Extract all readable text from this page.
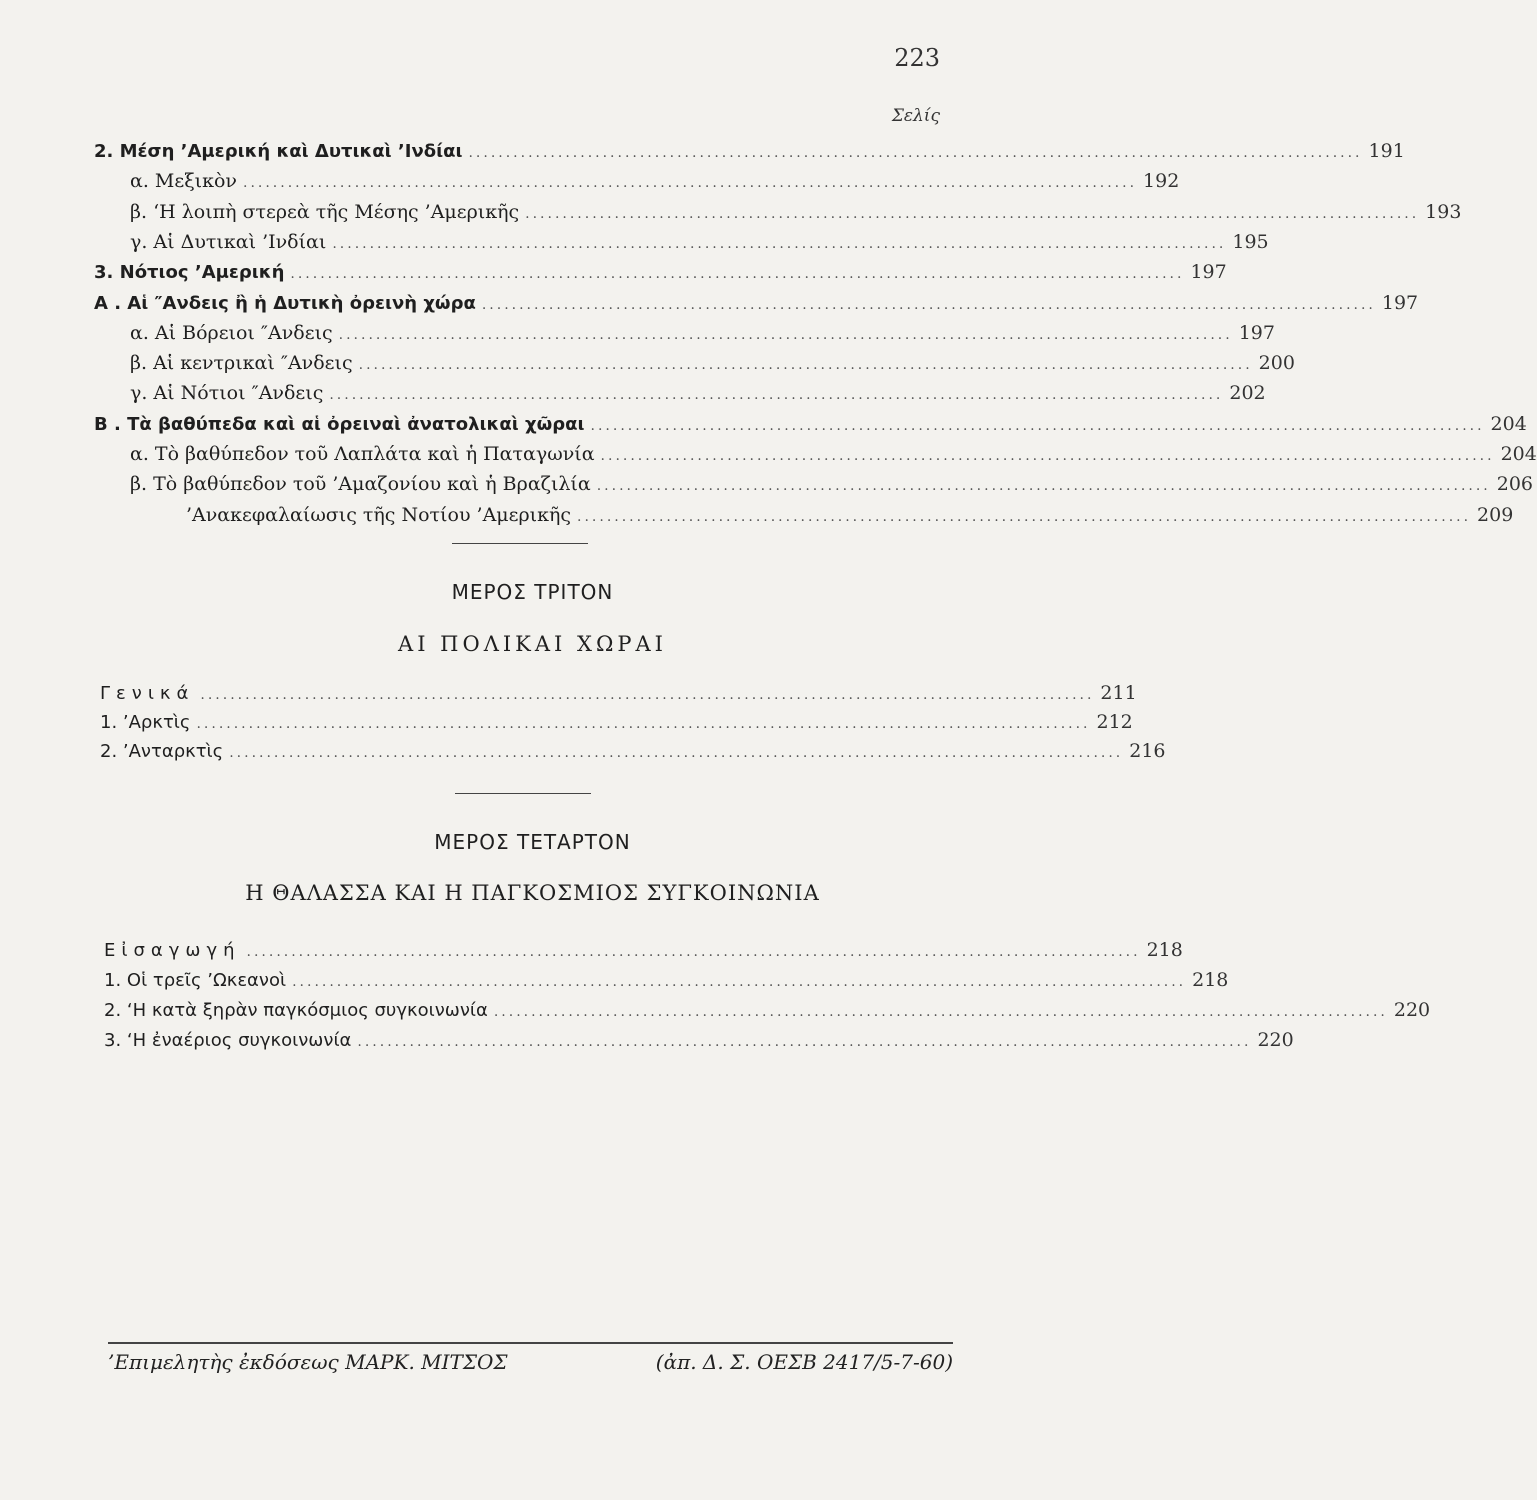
223
Σελίς
2. Μέση ’Αμερική καὶ Δυτικαὶ ’Ινδίαι ........................................................................................................................ 191
α. Μεξικὸν ........................................................................................................................ 192
β. ‘Η λοιπὴ στερεὰ τῆς Μέσης ’Αμερικῆς ........................................................................................................................ 193
γ. Αἱ Δυτικαὶ ’Ινδίαι ........................................................................................................................ 195
3. Νότιος ’Αμερική ........................................................................................................................ 197
Α . Αἱ ″Ανδεις ἢ ἡ Δυτικὴ ὀρεινὴ χώρα ........................................................................................................................ 197
α. Αἱ Βόρειοι ″Ανδεις ........................................................................................................................ 197
β. Αἱ κεντρικαὶ ″Ανδεις ........................................................................................................................ 200
γ. Αἱ Νότιοι ″Ανδεις ........................................................................................................................ 202
Β . Τὰ βαθύπεδα καὶ αἱ ὀρειναὶ ἀνατολικαὶ χῶραι ........................................................................................................................ 204
α. Τὸ βαθύπεδον τοῦ Λαπλάτα καὶ ἡ Παταγωνία ........................................................................................................................ 204
β. Τὸ βαθύπεδον τοῦ ’Αμαζονίου καὶ ἡ Βραζιλία ........................................................................................................................ 206
’Ανακεφαλαίωσις τῆς Νοτίου ’Αμερικῆς ........................................................................................................................ 209
ΜΕΡΟΣ ΤΡΙΤΟΝ
ΑΙ ΠΟΛΙΚΑΙ ΧΩΡΑΙ
Γενικά ........................................................................................................................ 211
1. ’Αρκτὶς ........................................................................................................................ 212
2. ’Ανταρκτὶς ........................................................................................................................ 216
ΜΕΡΟΣ ΤΕΤΑΡΤΟΝ
Η ΘΑΛΑΣΣΑ ΚΑΙ Η ΠΑΓΚΟΣΜΙΟΣ ΣΥΓΚΟΙΝΩΝΙΑ
Εἰσαγωγή ........................................................................................................................ 218
1. Οἱ τρεῖς ’Ωκεανοὶ ........................................................................................................................ 218
2. ‘Η κατὰ ξηρὰν παγκόσμιος συγκοινωνία ........................................................................................................................ 220
3. ‘Η ἐναέριος συγκοινωνία ........................................................................................................................ 220
’Επιμελητὴς ἐκδόσεως ΜΑΡΚ. ΜΙΤΣΟΣ	(ἀπ. Δ. Σ. ΟΕΣΒ 2417/5-7-60)
